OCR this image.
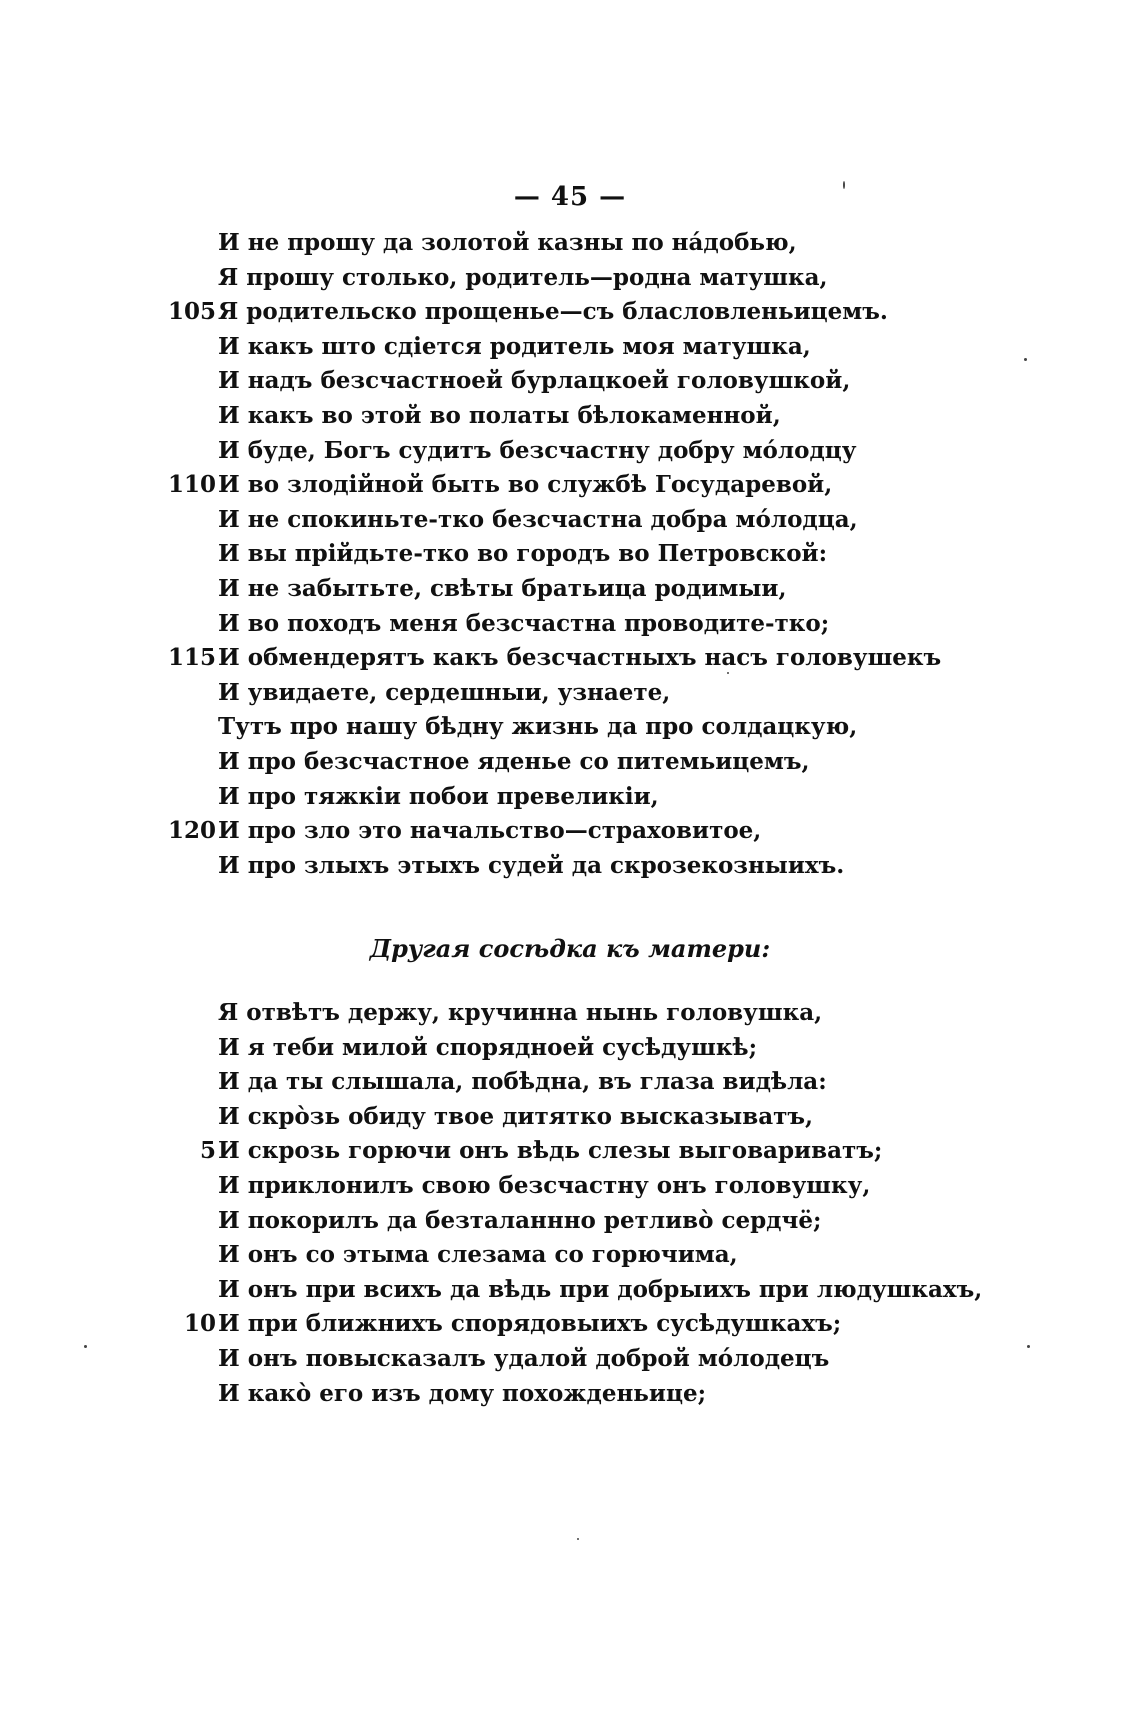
— 45 —
И не прошу да золотой казны по на́добью,
Я прошу столько, родитель—родна матушка,
105 Я родительско прощенье—съ бласловленьицемъ.
И какъ што сдіется родитель моя матушка,
И надъ безсчастноей бурлацкоей головушкой,
И какъ во этой во полаты бѣлокаменной,
И буде, Богъ судитъ безсчастну добру мо́лодцу
110 И во злодійной быть во службѣ Государевой,
И не спокиньте-тко безсчастна добра мо́лодца,
И вы прійдьте-тко во городъ во Петровской:
И не забытьте, свѣты братьица родимыи,
И во походъ меня безсчастна проводите-тко;
115 И обмендерятъ какъ безсчастныхъ насъ головушекъ
И увидаете, сердешныи, узнаете,
Тутъ про нашу бѣдну жизнь да про солдацкую,
И про безсчастное яденье со питемьицемъ,
И про тяжкіи побои превеликіи,
120 И про зло это начальство—страховитое,
И про злыхъ этыхъ судей да скрозекозныихъ.
Другая сосѣдка къ матери:
Я отвѣтъ держу, кручинна нынь головушка,
И я теби милой спорядноей сусѣдушкѣ;
И да ты слышала, побѣдна, въ глаза видѣла:
И скро̀зь обиду твое дитятко высказыватъ,
5 И скрозь горючи онъ вѣдь слезы выговариватъ;
И приклонилъ свою безсчастну онъ головушку,
И покорилъ да безталаннно ретливо̀ сердчё;
И онъ со этыма слезама со горючима,
И онъ при всихъ да вѣдь при добрыихъ при людушкахъ,
10 И при ближнихъ спорядовыихъ сусѣдушкахъ;
И онъ повысказалъ удалой доброй мо́лодецъ
И како̀ его изъ дому похожденьице;
